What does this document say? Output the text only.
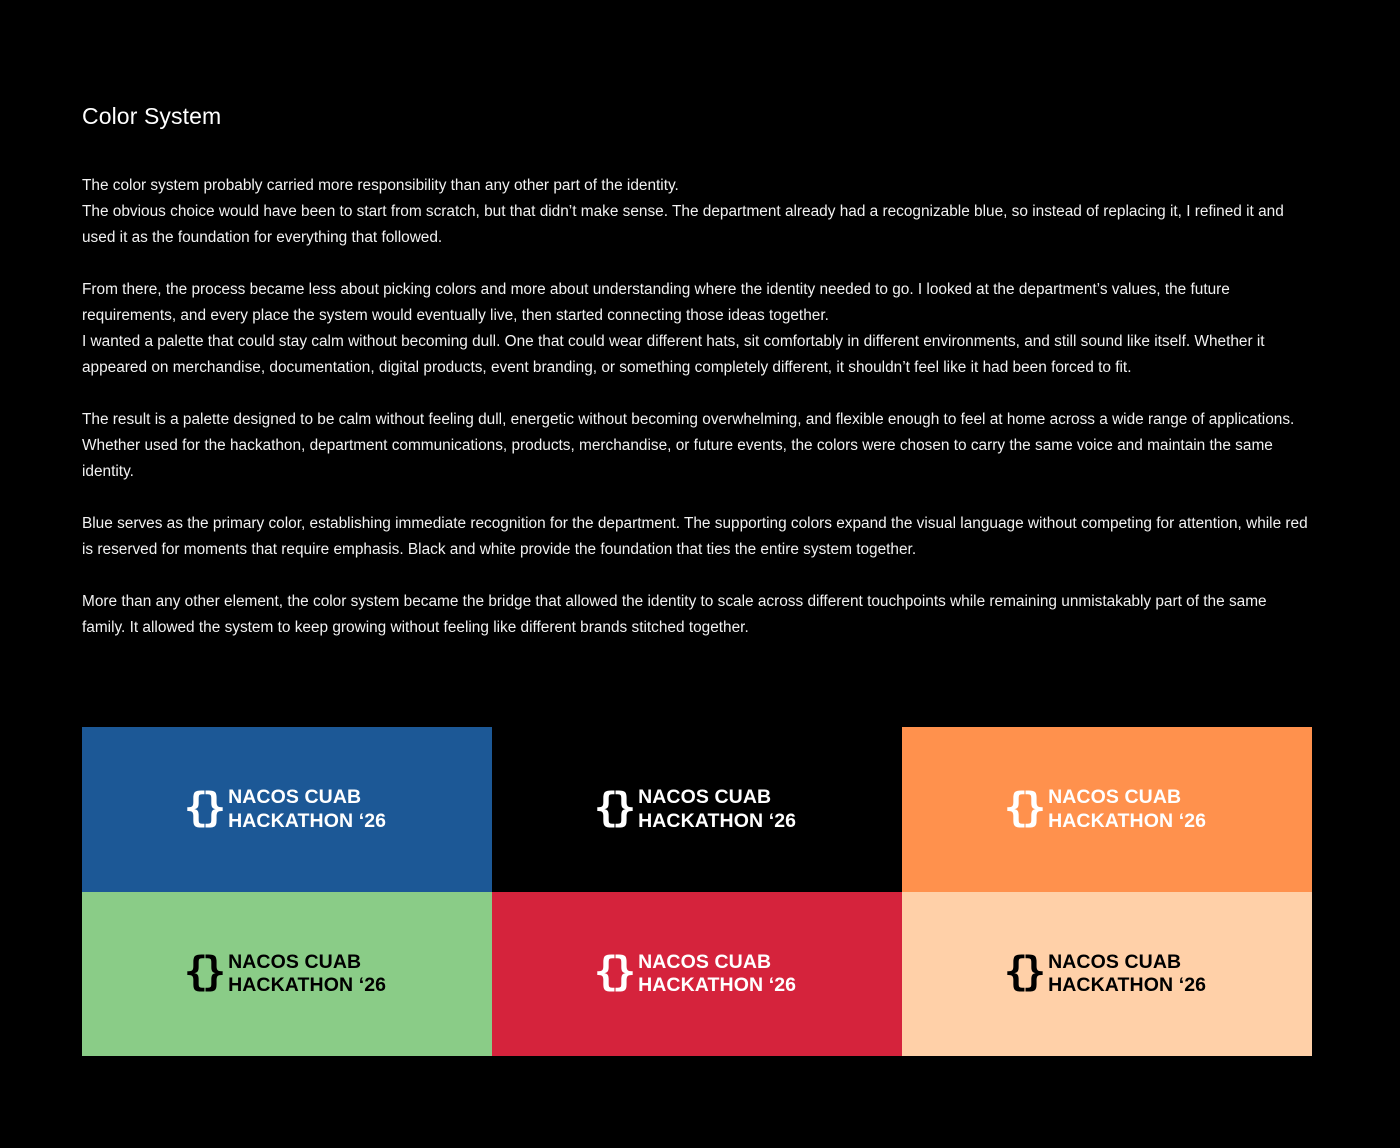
Color System

The color system probably carried more responsibility than any other part of the identity.
The obvious choice would have been to start from scratch, but that didn’t make sense. The department already had a recognizable blue, so instead of replacing it, I refined it and used it as the foundation for everything that followed.

From there, the process became less about picking colors and more about understanding where the identity needed to go. I looked at the department’s values, the future requirements, and every place the system would eventually live, then started connecting those ideas together.
I wanted a palette that could stay calm without becoming dull. One that could wear different hats, sit comfortably in different environments, and still sound like itself. Whether it appeared on merchandise, documentation, digital products, event branding, or something completely different, it shouldn’t feel like it had been forced to fit.

The result is a palette designed to be calm without feeling dull, energetic without becoming overwhelming, and flexible enough to feel at home across a wide range of applications. Whether used for the hackathon, department communications, products, merchandise, or future events, the colors were chosen to carry the same voice and maintain the same identity.

Blue serves as the primary color, establishing immediate recognition for the department. The supporting colors expand the visual language without competing for attention, while red is reserved for moments that require emphasis. Black and white provide the foundation that ties the entire system together.

More than any other element, the color system became the bridge that allowed the identity to scale across different touchpoints while remaining unmistakably part of the same family. It allowed the system to keep growing without feeling like different brands stitched together.

{} NACOS CUAB
HACKATHON ‘26	{} NACOS CUAB
HACKATHON ‘26	{} NACOS CUAB
HACKATHON ‘26
{} NACOS CUAB
HACKATHON ‘26	{} NACOS CUAB
HACKATHON ‘26	{} NACOS CUAB
HACKATHON ‘26
